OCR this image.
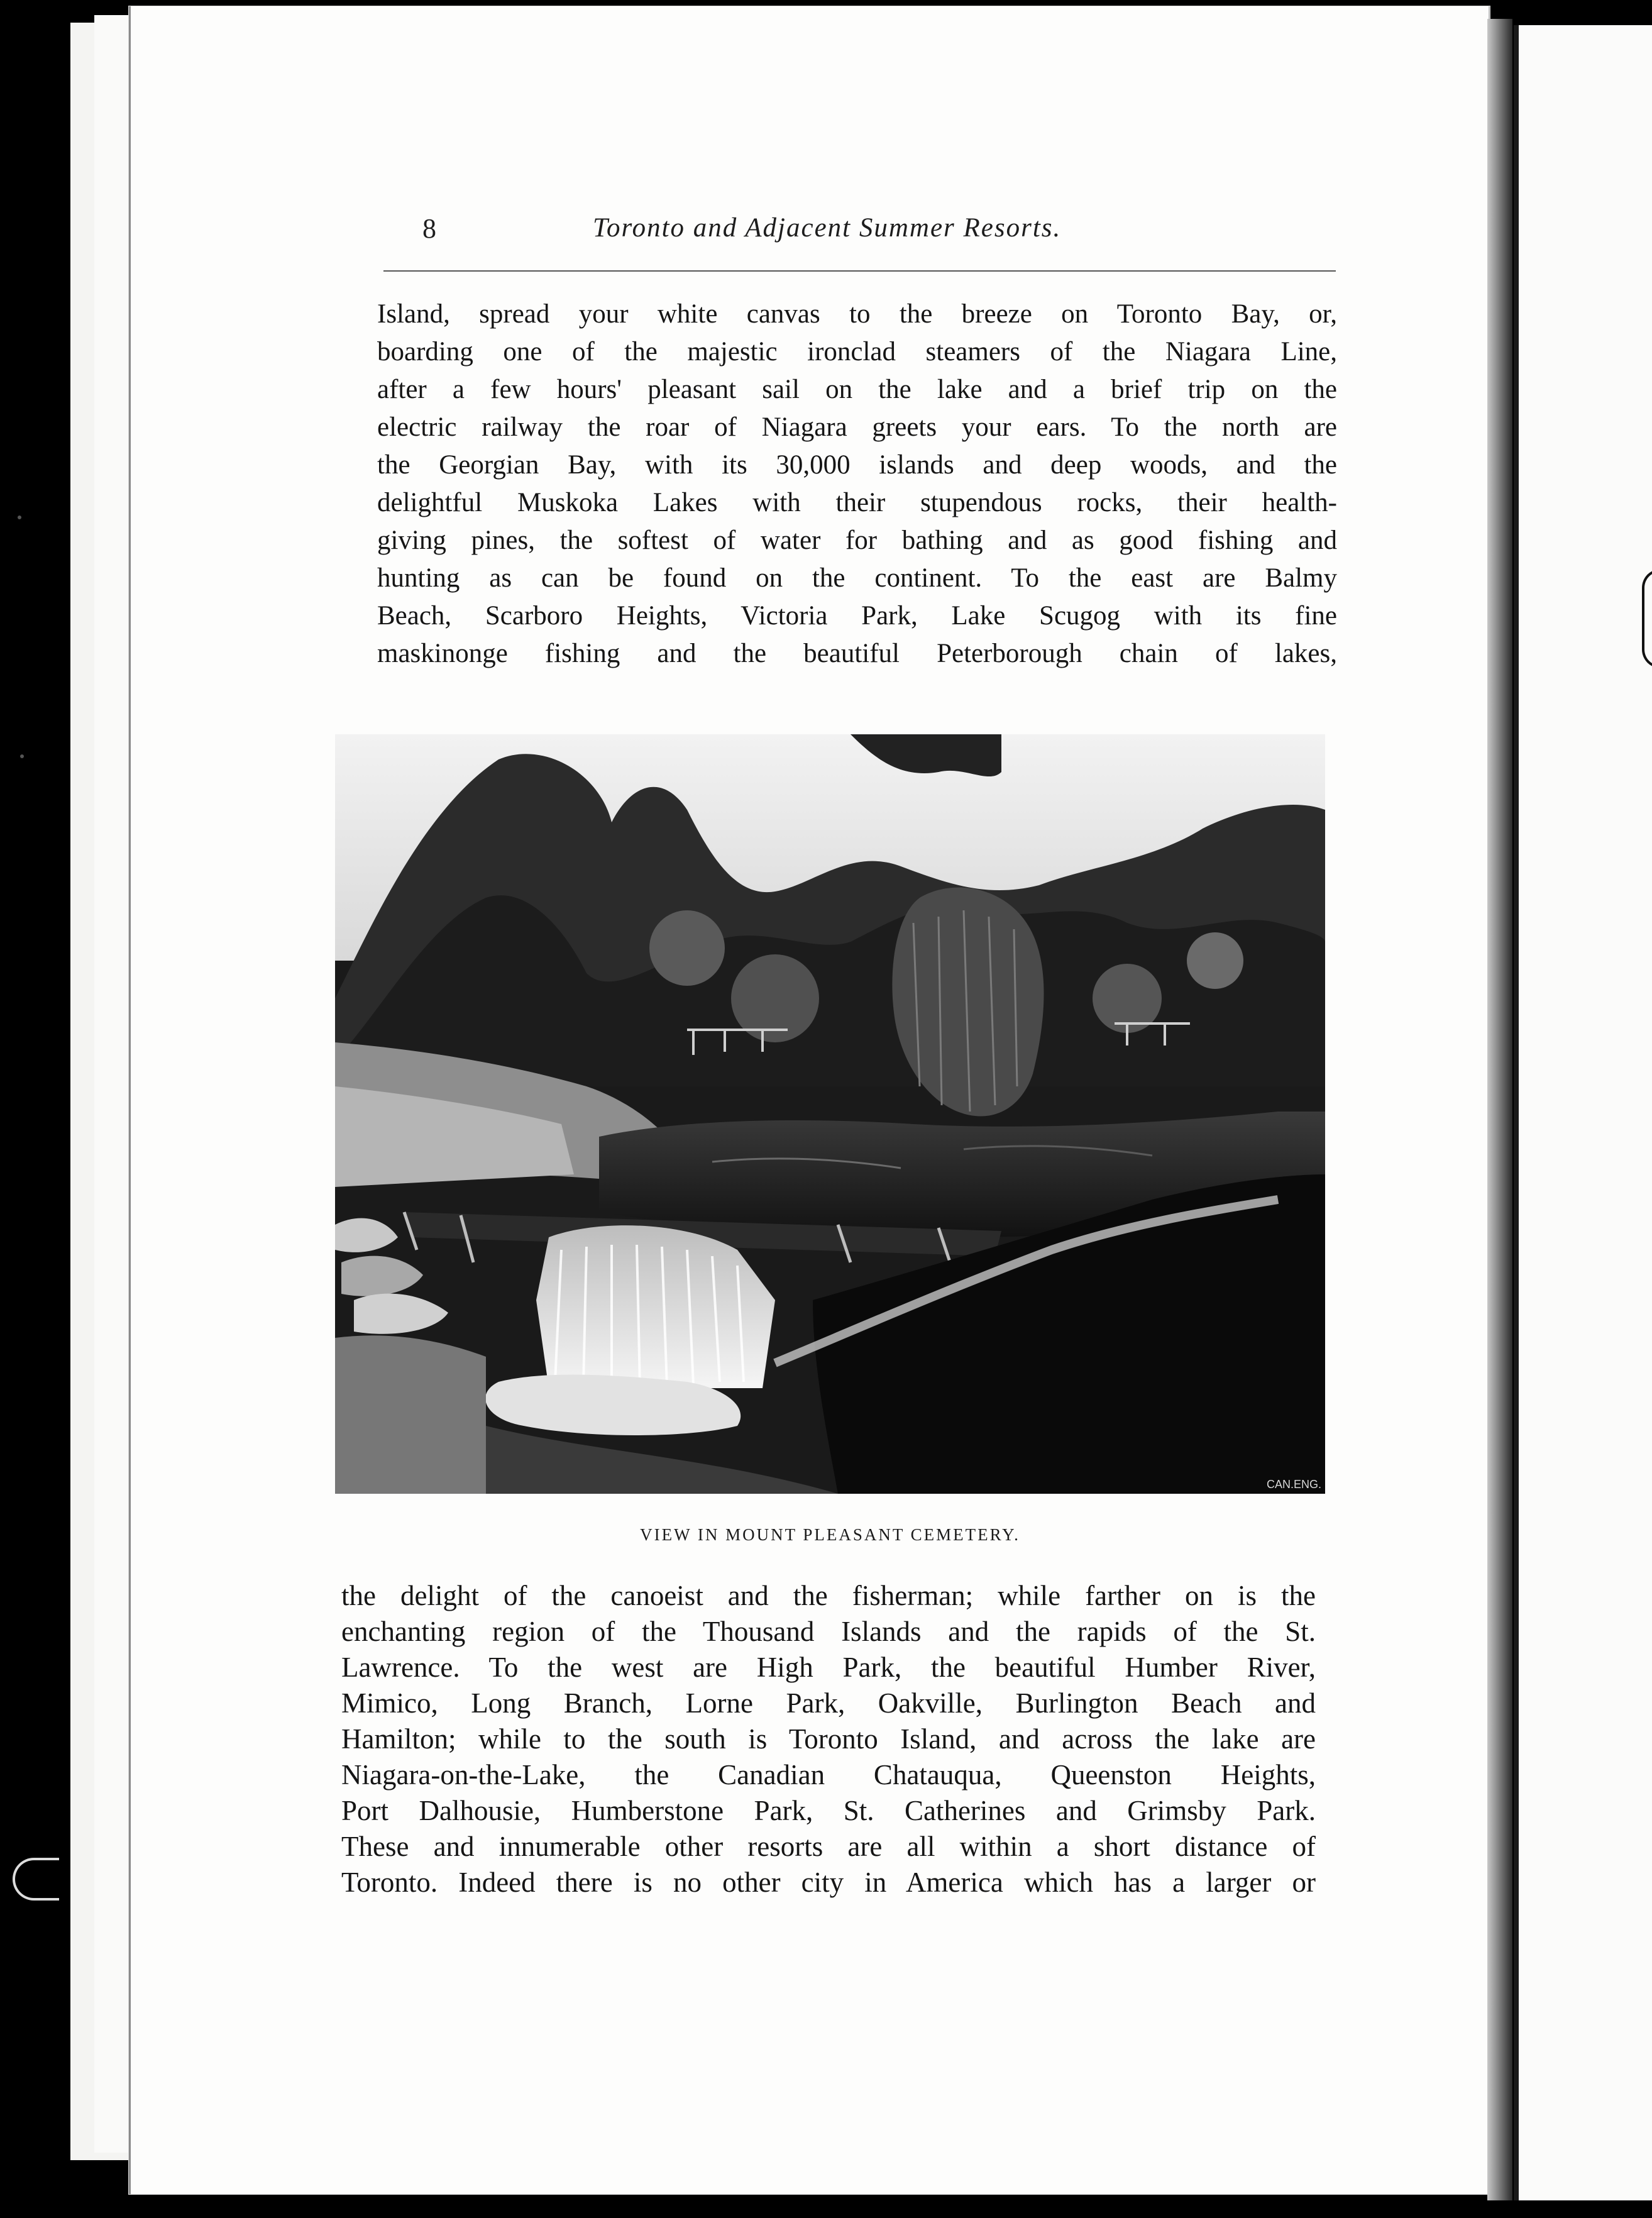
8	Toronto and Adjacent Summer Resorts.
Island, spread your white canvas to the breeze on Toronto Bay, or,
boarding one of the majestic ironclad steamers of the Niagara Line,
after a few hours' pleasant sail on the lake and a brief trip on the
electric railway the roar of Niagara greets your ears. To the north are
the Georgian Bay, with its 30,000 islands and deep woods, and the
delightful Muskoka Lakes with their stupendous rocks, their health-
giving pines, the softest of water for bathing and as good fishing and
hunting as can be found on the continent. To the east are Balmy
Beach, Scarboro Heights, Victoria Park, Lake Scugog with its fine
maskinonge fishing and the beautiful Peterborough chain of lakes,
CAN.ENG.
VIEW IN MOUNT PLEASANT CEMETERY.
the delight of the canoeist and the fisherman; while farther on is the
enchanting region of the Thousand Islands and the rapids of the St.
Lawrence. To the west are High Park, the beautiful Humber River,
Mimico, Long Branch, Lorne Park, Oakville, Burlington Beach and
Hamilton; while to the south is Toronto Island, and across the lake are
Niagara-on-the-Lake, the Canadian Chatauqua, Queenston Heights,
Port Dalhousie, Humberstone Park, St. Catherines and Grimsby Park.
These and innumerable other resorts are all within a short distance of
Toronto. Indeed there is no other city in America which has a larger or
